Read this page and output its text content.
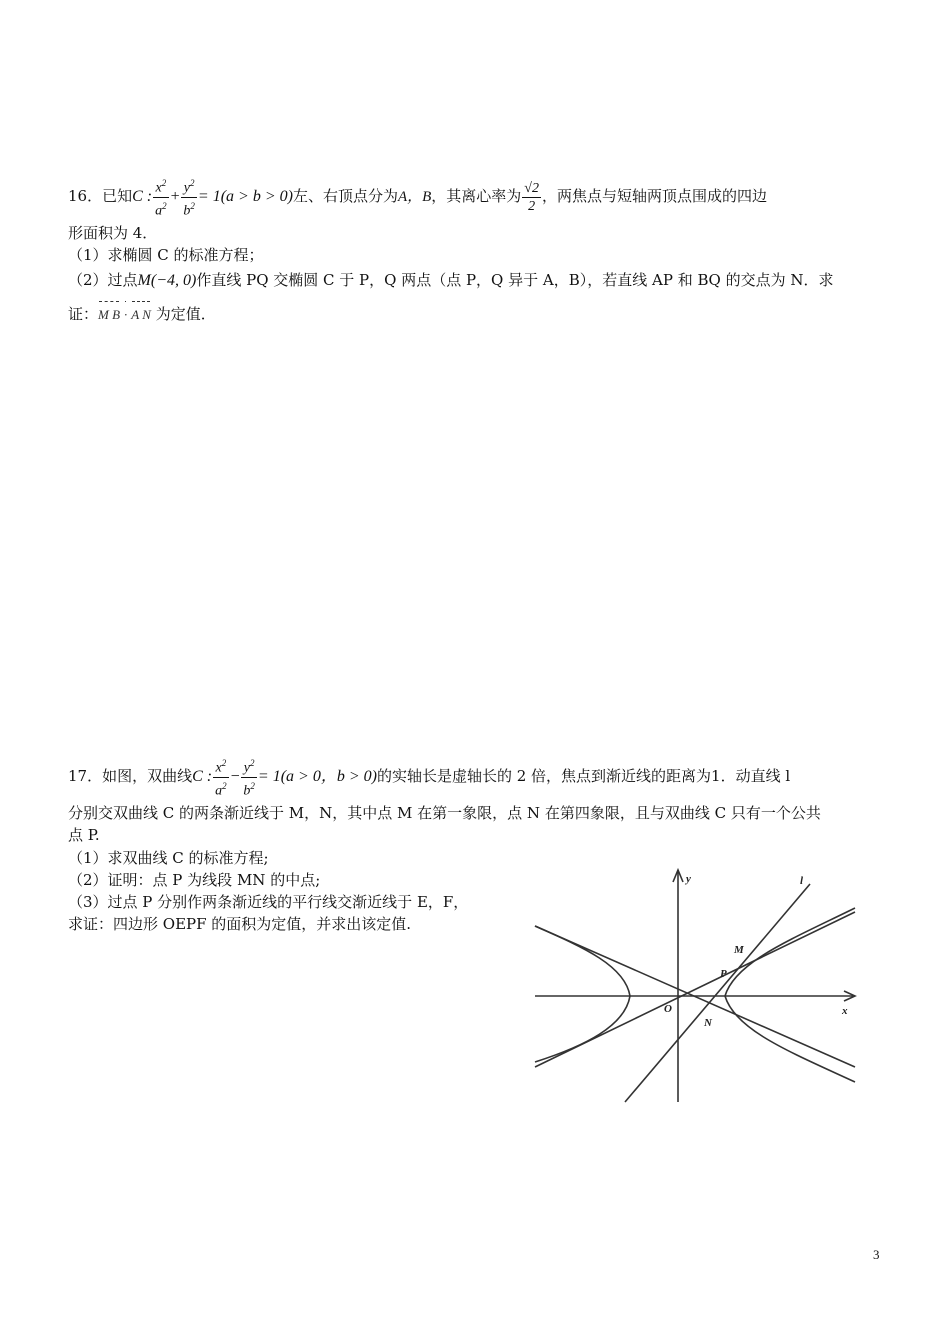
16．已知C : $\frac{x^2}{a^2} + \frac{y^2}{b^2} = 1(a > b > 0)$左、右顶点分为A，B，其离心率为 $\frac{√2}{2}$ ，两焦点与短轴两顶点围成的四边
形面积为 4．
（1）求椭圆 C 的标准方程；
（2）过点M(−4, 0)作直线 PQ 交椭圆 C 于 P，Q 两点（点 P，Q 异于 A，B），若直线 AP 和 BQ 的交点为 N．求
证：M B · A N 为定值．
17．如图，双曲线C : $\frac{x^2}{a^2} - \frac{y^2}{b^2} = 1(a > 0$，b > 0)的实轴长是虚轴长的 2 倍，焦点到渐近线的距离为1．动直线 l
分别交双曲线 C 的两条渐近线于 M，N，其中点 M 在第一象限，点 N 在第四象限，且与双曲线 C 只有一个公共
点 P.
（1）求双曲线 C 的标准方程;
（2）证明：点 P 为线段 MN 的中点;
（3）过点 P 分别作两条渐近线的平行线交渐近线于 E，F，
求证：四边形 OEPF 的面积为定值，并求出该定值.
y
x
l
M
P
O
N
3
